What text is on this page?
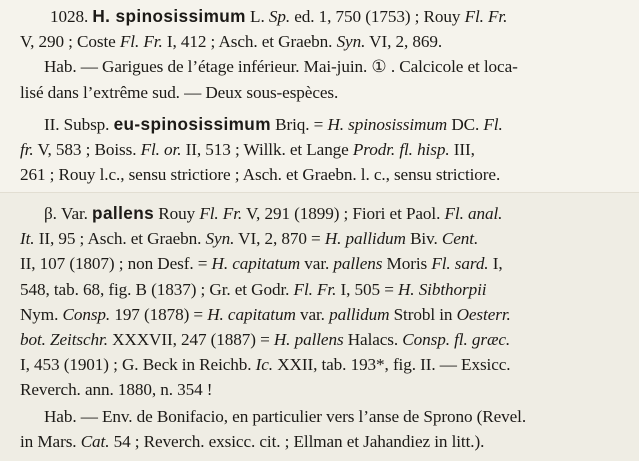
1028. H. spinosissimum L. Sp. ed. 1, 750 (1753) ; Rouy Fl. Fr.
V, 290 ; Coste Fl. Fr. I, 412 ; Asch. et Graebn. Syn. VI, 2, 869.
Hab. — Garigues de l’étage inférieur. Mai-juin. ① . Calcicole et loca-
lisé dans l’extrême sud. — Deux sous-espèces.
II. Subsp. eu-spinosissimum Briq. = H. spinosissimum DC. Fl.
fr. V, 583 ; Boiss. Fl. or. II, 513 ; Willk. et Lange Prodr. fl. hisp. III,
261 ; Rouy l.c., sensu strictiore ; Asch. et Graebn. l. c., sensu strictiore.
β. Var. pallens Rouy Fl. Fr. V, 291 (1899) ; Fiori et Paol. Fl. anal.
It. II, 95 ; Asch. et Graebn. Syn. VI, 2, 870 = H. pallidum Biv. Cent.
II, 107 (1807) ; non Desf. = H. capitatum var. pallens Moris Fl. sard. I,
548, tab. 68, fig. B (1837) ; Gr. et Godr. Fl. Fr. I, 505 = H. Sibthorpii
Nym. Consp. 197 (1878) = H. capitatum var. pallidum Strobl in Oesterr.
bot. Zeitschr. XXXVII, 247 (1887) = H. pallens Halacs. Consp. fl. græc.
I, 453 (1901) ; G. Beck in Reichb. Ic. XXII, tab. 193*, fig. II. — Exsicc.
Reverch. ann. 1880, n. 354 !
Hab. — Env. de Bonifacio, en particulier vers l’anse de Sprono (Revel.
in Mars. Cat. 54 ; Reverch. exsicc. cit. ; Ellman et Jahandiez in litt.).
